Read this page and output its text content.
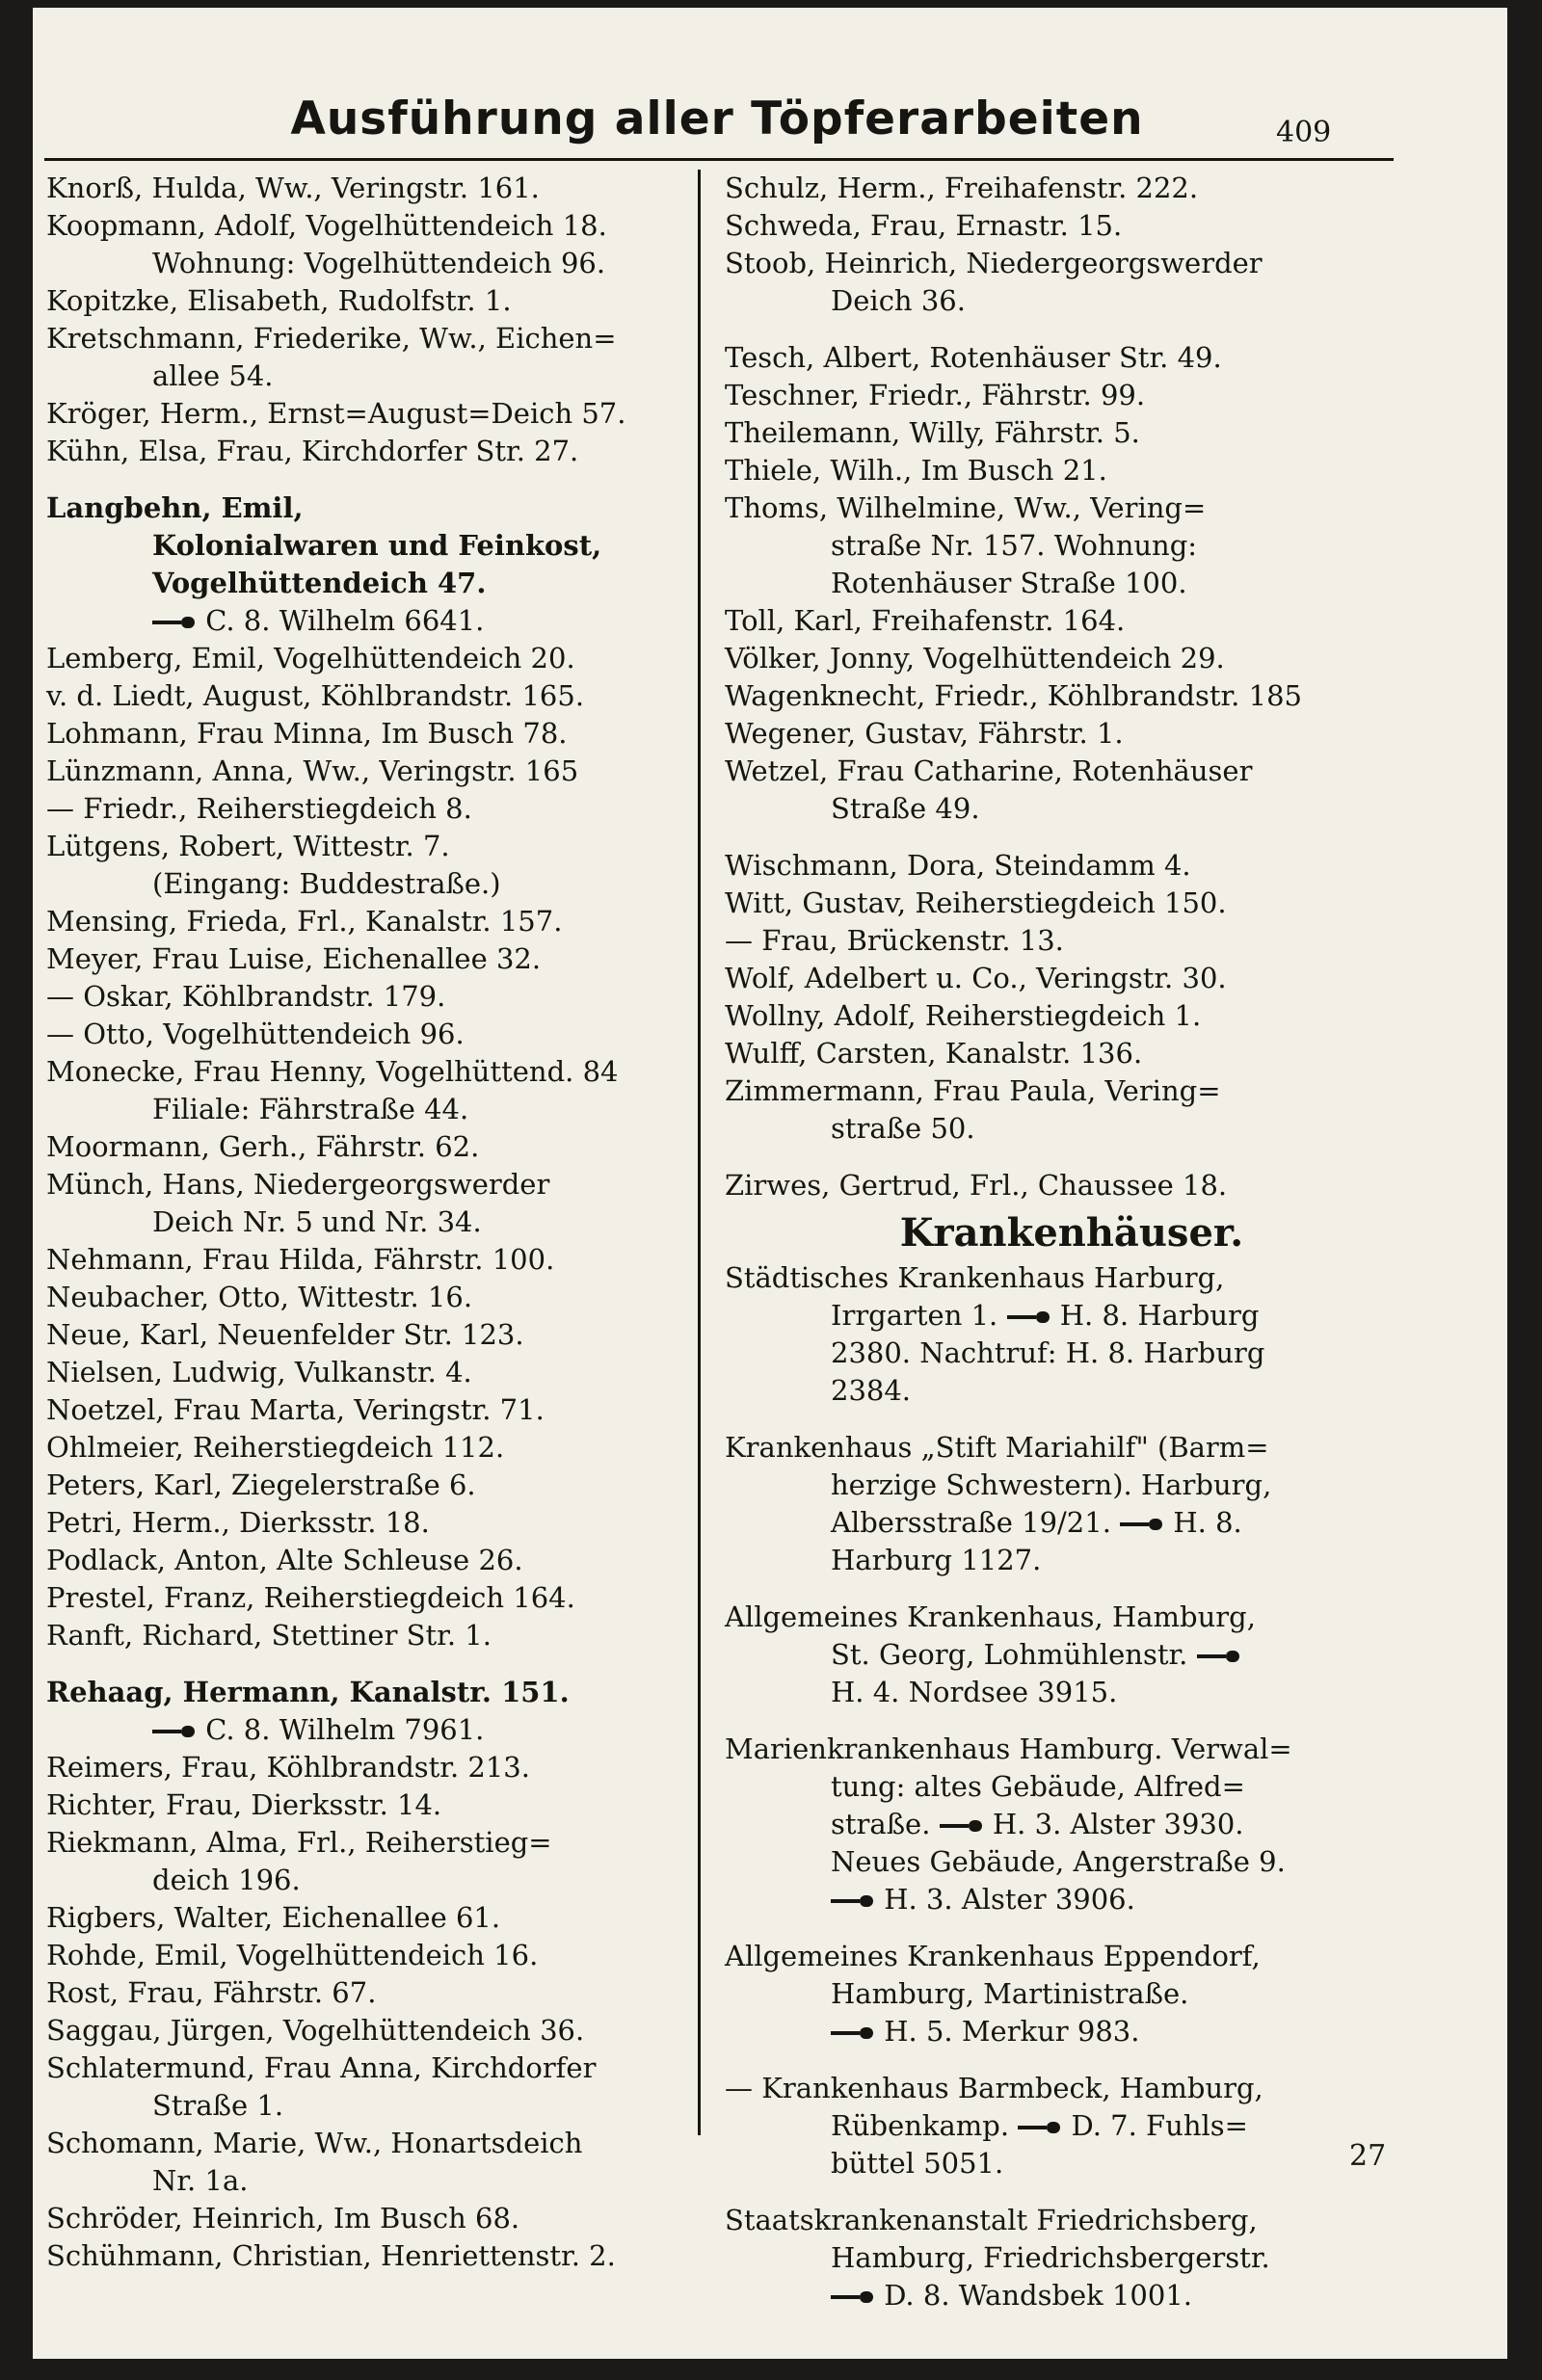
Ausführung aller Töpferarbeiten	409
Knorß, Hulda, Ww., Veringstr. 161.
Koopmann, Adolf, Vogelhüttendeich 18.
Wohnung: Vogelhüttendeich 96.
Kopitzke, Elisabeth, Rudolfstr. 1.
Kretschmann, Friederike, Ww., Eichen=
allee 54.
Kröger, Herm., Ernst=August=Deich 57.
Kühn, Elsa, Frau, Kirchdorfer Str. 27.
Langbehn, Emil,
Kolonialwaren und Feinkost,
Vogelhüttendeich 47.
C. 8. Wilhelm 6641.
Lemberg, Emil, Vogelhüttendeich 20.
v. d. Liedt, August, Köhlbrandstr. 165.
Lohmann, Frau Minna, Im Busch 78.
Lünzmann, Anna, Ww., Veringstr. 165
— Friedr., Reiherstiegdeich 8.
Lütgens, Robert, Wittestr. 7.
(Eingang: Buddestraße.)
Mensing, Frieda, Frl., Kanalstr. 157.
Meyer, Frau Luise, Eichenallee 32.
— Oskar, Köhlbrandstr. 179.
— Otto, Vogelhüttendeich 96.
Monecke, Frau Henny, Vogelhüttend. 84
Filiale: Fährstraße 44.
Moormann, Gerh., Fährstr. 62.
Münch, Hans, Niedergeorgswerder
Deich Nr. 5 und Nr. 34.
Nehmann, Frau Hilda, Fährstr. 100.
Neubacher, Otto, Wittestr. 16.
Neue, Karl, Neuenfelder Str. 123.
Nielsen, Ludwig, Vulkanstr. 4.
Noetzel, Frau Marta, Veringstr. 71.
Ohlmeier, Reiherstiegdeich 112.
Peters, Karl, Ziegelerstraße 6.
Petri, Herm., Dierksstr. 18.
Podlack, Anton, Alte Schleuse 26.
Prestel, Franz, Reiherstiegdeich 164.
Ranft, Richard, Stettiner Str. 1.
Rehaag, Hermann, Kanalstr. 151.
C. 8. Wilhelm 7961.
Reimers, Frau, Köhlbrandstr. 213.
Richter, Frau, Dierksstr. 14.
Riekmann, Alma, Frl., Reiherstieg=
deich 196.
Rigbers, Walter, Eichenallee 61.
Rohde, Emil, Vogelhüttendeich 16.
Rost, Frau, Fährstr. 67.
Saggau, Jürgen, Vogelhüttendeich 36.
Schlatermund, Frau Anna, Kirchdorfer
Straße 1.
Schomann, Marie, Ww., Honartsdeich
Nr. 1a.
Schröder, Heinrich, Im Busch 68.
Schühmann, Christian, Henriettenstr. 2.
Schulz, Herm., Freihafenstr. 222.
Schweda, Frau, Ernastr. 15.
Stoob, Heinrich, Niedergeorgswerder
Deich 36.
Tesch, Albert, Rotenhäuser Str. 49.
Teschner, Friedr., Fährstr. 99.
Theilemann, Willy, Fährstr. 5.
Thiele, Wilh., Im Busch 21.
Thoms, Wilhelmine, Ww., Vering=
straße Nr. 157. Wohnung:
Rotenhäuser Straße 100.
Toll, Karl, Freihafenstr. 164.
Völker, Jonny, Vogelhüttendeich 29.
Wagenknecht, Friedr., Köhlbrandstr. 185
Wegener, Gustav, Fährstr. 1.
Wetzel, Frau Catharine, Rotenhäuser
Straße 49.
Wischmann, Dora, Steindamm 4.
Witt, Gustav, Reiherstiegdeich 150.
— Frau, Brückenstr. 13.
Wolf, Adelbert u. Co., Veringstr. 30.
Wollny, Adolf, Reiherstiegdeich 1.
Wulff, Carsten, Kanalstr. 136.
Zimmermann, Frau Paula, Vering=
straße 50.
Zirwes, Gertrud, Frl., Chaussee 18.
Krankenhäuser.
Städtisches Krankenhaus Harburg,
Irrgarten 1. H. 8. Harburg
2380. Nachtruf: H. 8. Harburg
2384.
Krankenhaus „Stift Mariahilf" (Barm=
herzige Schwestern). Harburg,
Albersstraße 19/21. H. 8.
Harburg 1127.
Allgemeines Krankenhaus, Hamburg,
St. Georg, Lohmühlenstr.
H. 4. Nordsee 3915.
Marienkrankenhaus Hamburg. Verwal=
tung: altes Gebäude, Alfred=
straße. H. 3. Alster 3930.
Neues Gebäude, Angerstraße 9.
H. 3. Alster 3906.
Allgemeines Krankenhaus Eppendorf,
Hamburg, Martinistraße.
H. 5. Merkur 983.
— Krankenhaus Barmbeck, Hamburg,
Rübenkamp. D. 7. Fuhls=
büttel 5051.
Staatskrankenanstalt Friedrichsberg,
Hamburg, Friedrichsbergerstr.
D. 8. Wandsbek 1001.
27
